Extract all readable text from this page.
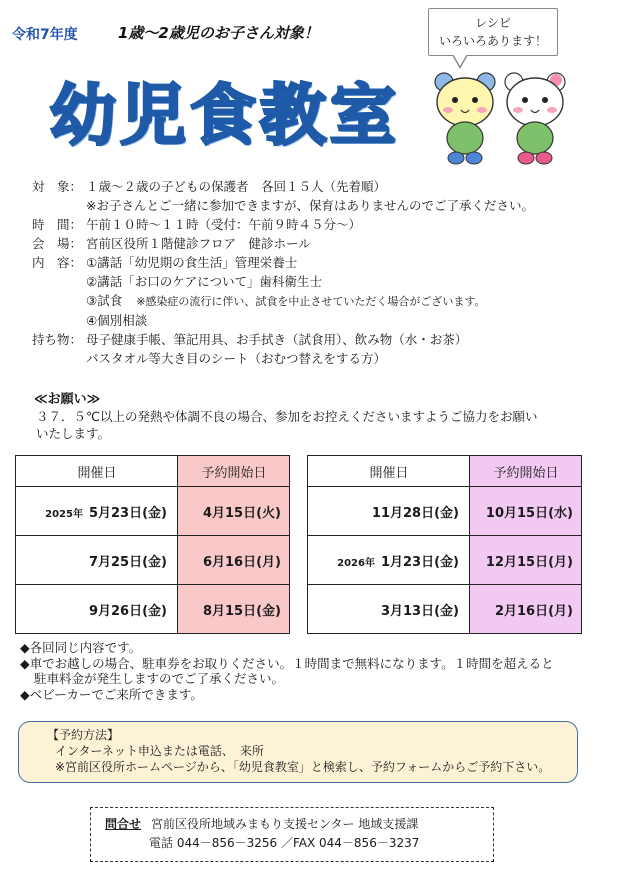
令和7年度	1歳～2歳児のお子さん対象！
レシピ
いろいろあります！
幼児食教室
対　象： １歳～２歳の子どもの保護者　各回１５人（先着順）
※お子さんとご一緒に参加できますが、保育はありませんのでご了承ください。
時　間： 午前１０時～１１時（受付：午前９時４５分～）
会　場： 宮前区役所１階健診フロア　健診ホール
内　容： ①講話「幼児期の食生活」管理栄養士
②講話「お口のケアについて」歯科衛生士
③試食 ※感染症の流行に伴い、試食を中止させていただく場合がございます。
④個別相談
持ち物： 母子健康手帳、筆記用具、お手拭き（試食用）、飲み物（水・お茶）
バスタオル等大き目のシート（おむつ替えをする方）
≪お願い≫
３７．５℃以上の発熱や体調不良の場合、参加をお控えくださいますようご協力をお願い
いたします。
開催日	予約開始日
2025年 5月23日(金)	4月15日(火)
7月25日(金)	6月16日(月)
9月26日(金)	8月15日(金)
開催日	予約開始日
11月28日(金)	10月15日(水)
2026年 1月23日(金)	12月15日(月)
3月13日(金)	2月16日(月)
◆各回同じ内容です。
◆車でお越しの場合、駐車券をお取りください。１時間まで無料になります。１時間を超えると
駐車料金が発生しますのでご了承ください。
◆ベビーカーでご来所できます。
【予約方法】
インターネット申込または電話、　来所
※宮前区役所ホームページから、「幼児食教室」と検索し、予約フォームからご予約下さい。
問合せ 宮前区役所地域みまもり支援センター 地域支援課
電話 044－856－3256 ／FAX 044－856－3237
